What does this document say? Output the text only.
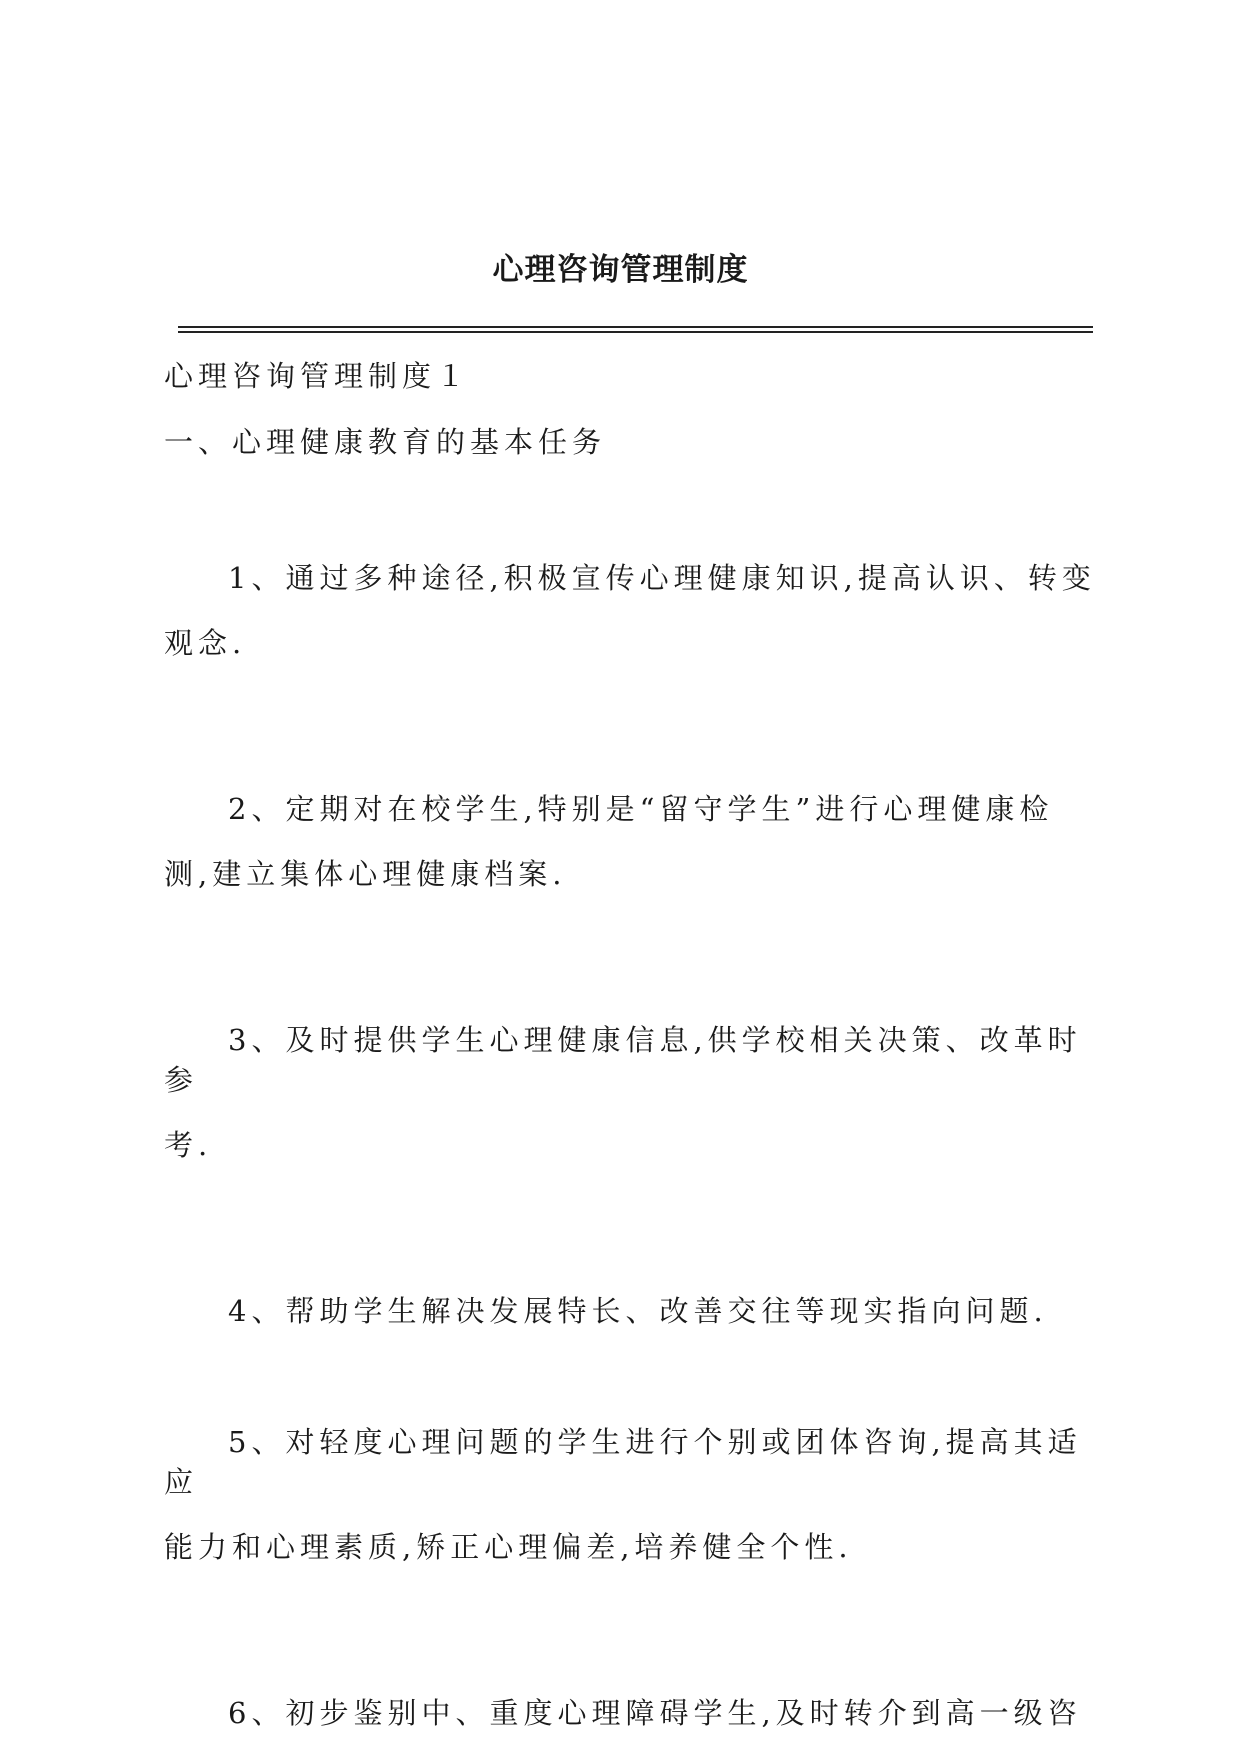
心理咨询管理制度

心理咨询管理制度１

一、心理健康教育的基本任务

1、通过多种途径,积极宣传心理健康知识,提高认识、转变
观念.
2、定期对在校学生,特别是“留守学生”进行心理健康检
测,建立集体心理健康档案.
3、及时提供学生心理健康信息,供学校相关决策、改革时参
考.
4、帮助学生解决发展特长、改善交往等现实指向问题.
5、对轻度心理问题的学生进行个别或团体咨询,提高其适应
能力和心理素质,矫正心理偏差,培养健全个性.
6、初步鉴别中、重度心理障碍学生,及时转介到高一级咨
